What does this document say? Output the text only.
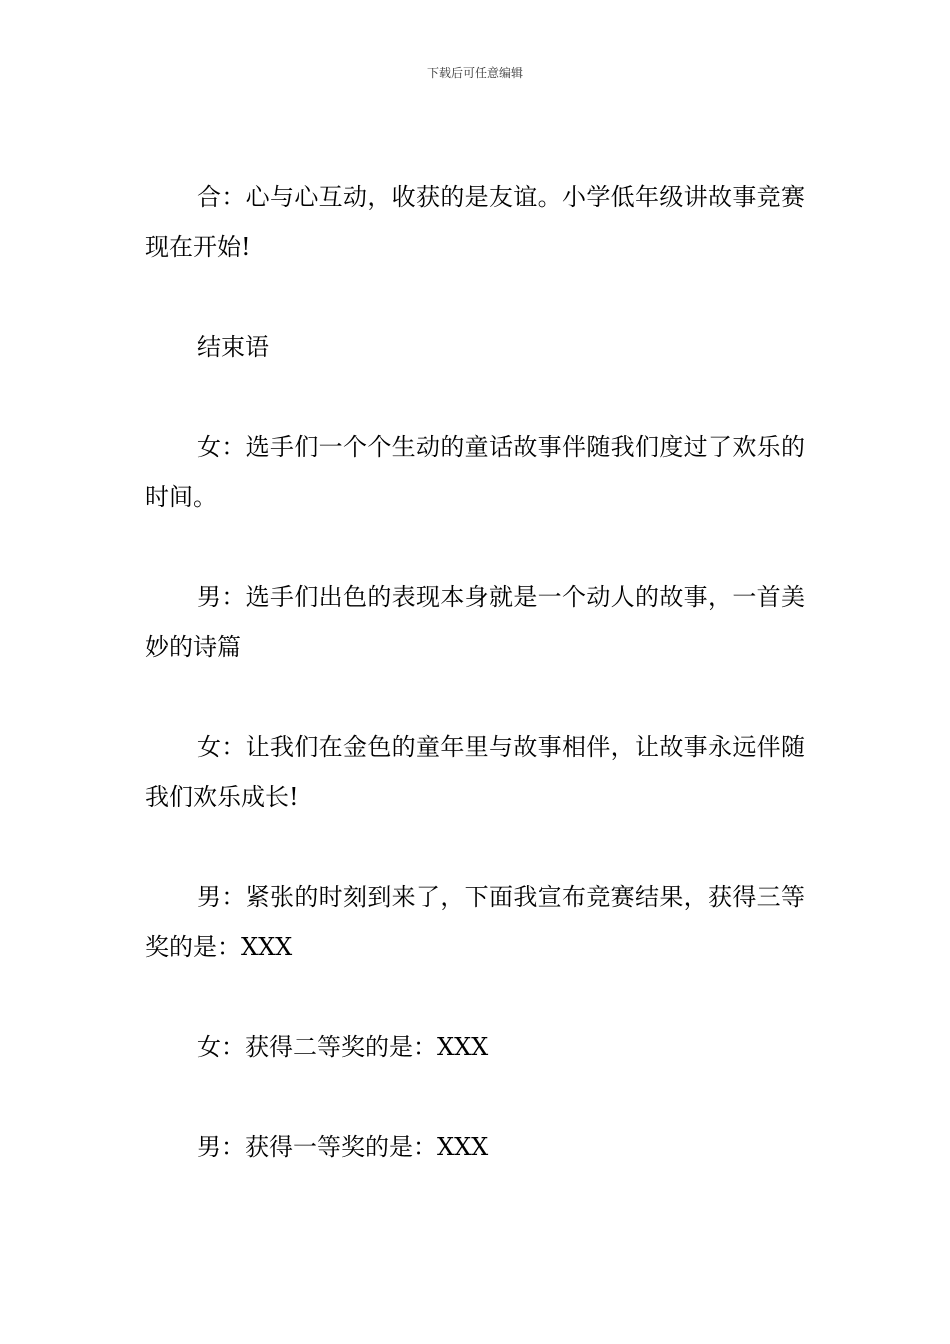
下载后可任意编辑

合：心与心互动，收获的是友谊。小学低年级讲故事竞赛现在开始!

结束语

女：选手们一个个生动的童话故事伴随我们度过了欢乐的时间。

男：选手们出色的表现本身就是一个动人的故事，一首美妙的诗篇

女：让我们在金色的童年里与故事相伴，让故事永远伴随我们欢乐成长!

男：紧张的时刻到来了，下面我宣布竞赛结果，获得三等奖的是：XXX

女：获得二等奖的是：XXX

男：获得一等奖的是：XXX
